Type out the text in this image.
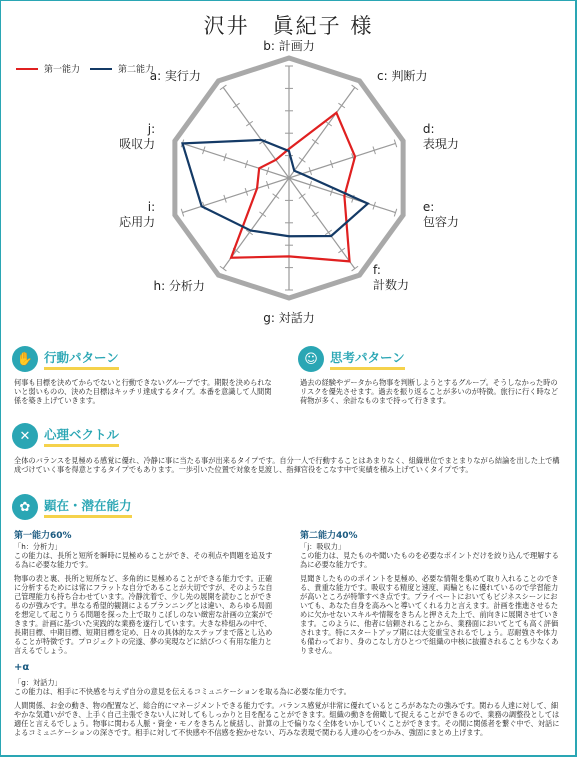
沢井　眞紀子 様
第一能力	第二能力
b: 計画力
c: 判断力
d:
表現力
e:
包容力
f:
計数力
g: 対話力
h: 分析力
i:
応用力
j:
吸収力
a: 実行力
✋ 行動パターン
何事も目標を決めてからでないと行動できないグループです。期限を決められないと弱いものの、決めた目標はキッチリ達成するタイプ。本番を意識して人間関係を築き上げていきます。
☺ 思考パターン
過去の経験やデータから物事を判断しようとするグループ。そうしなかった時のリスクを優先させます。過去を振り返ることが多いのが特徴。旅行に行く時など荷物が多く、余計なものまで持って行きます。
✕	心理ベクトル
全体のバランスを見極める感覚に優れ、冷静に事に当たる事が出来るタイプです。自分一人で行動することはあまりなく、組織単位でまとまりながら結論を出した上で構成づけていく事を得意とするタイプでもあります。一歩引いた位置で対象を見渡し、指揮官役をこなす中で実績を積み上げていくタイプです。
✿	顕在・潜在能力
第一能力60%
「h：分析力」
この能力は、長所と短所を瞬時に見極めることができ、その利点や問題を追及する為に必要な能力です。
物事の表と裏、長所と短所など、多角的に見極めることができる能力です。正確に分析するためには常にフラットな自分であることが大切ですが、そのような自己管理能力も持ち合わせています。冷静沈着で、少し先の展開を読むことができるのが強みです。単なる希望的観測によるプランニングとは違い、あらゆる局面を想定して起こりうる問題を探った上で取りこぼしのない緻密な計画の立案ができます。計画に基づいた実践的な業務を遂行しています。大きな枠組みの中で、長期目標、中期目標、短期目標を定め、日々の具体的なステップまで落とし込めることが特徴です。プロジェクトの完遂、夢の実現などに結びつく有用な能力と言えるでしょう。
第二能力40%
「j：吸収力」
この能力は、見たものや聞いたものを必要なポイントだけを絞り込んで理解する為に必要な能力です。
見聞きしたもののポイントを見極め、必要な情報を集めて取り入れることのできる、貴重な能力です。吸収する精度と速度、両輪ともに優れているので学習能力が高いところが特筆すべき点です。プライベートにおいてもビジネスシーンにおいても、あなた自身を高みへと導いてくれる力と言えます。計画を推進させるために欠かせないスキルや情報をきちんと押さえた上で、前向きに展開させていきます。このように、他者に信頼されることから、業務面においてとても高く評価されます。特にスタートアップ期には大変重宝されるでしょう。忍耐強さや体力も備わっており、身のこなし方ひとつで組織の中核に抜擢されることも少なくありません。
+α
「g：対話力」
この能力は、相手に不快感を与えず自分の意見を伝えるコミュニケーションを取る為に必要な能力です。
人間関係、お金の動き、物の配置など、総合的にマネージメントできる能力です。バランス感覚が非常に優れているところがあなたの強みです。関わる人達に対して、細やかな気遣いができ、上手く自己主張できない人に対してもしっかりと目を配ることができます。組織の動きを俯瞰して捉えることができるので、業務の調整役としては適任と言えるでしょう。物事に関わる人脈・資金・モノをきちんと統括し、計算の上で偏りなく全体をいかしていくことができます。その間に関係者を繋ぐ中で、対話によるコミュニケーションの深さです。相手に対して不快感や不信感を抱かせない、巧みな表現で関わる人達の心をつかみ、強固にまとめ上げます。
